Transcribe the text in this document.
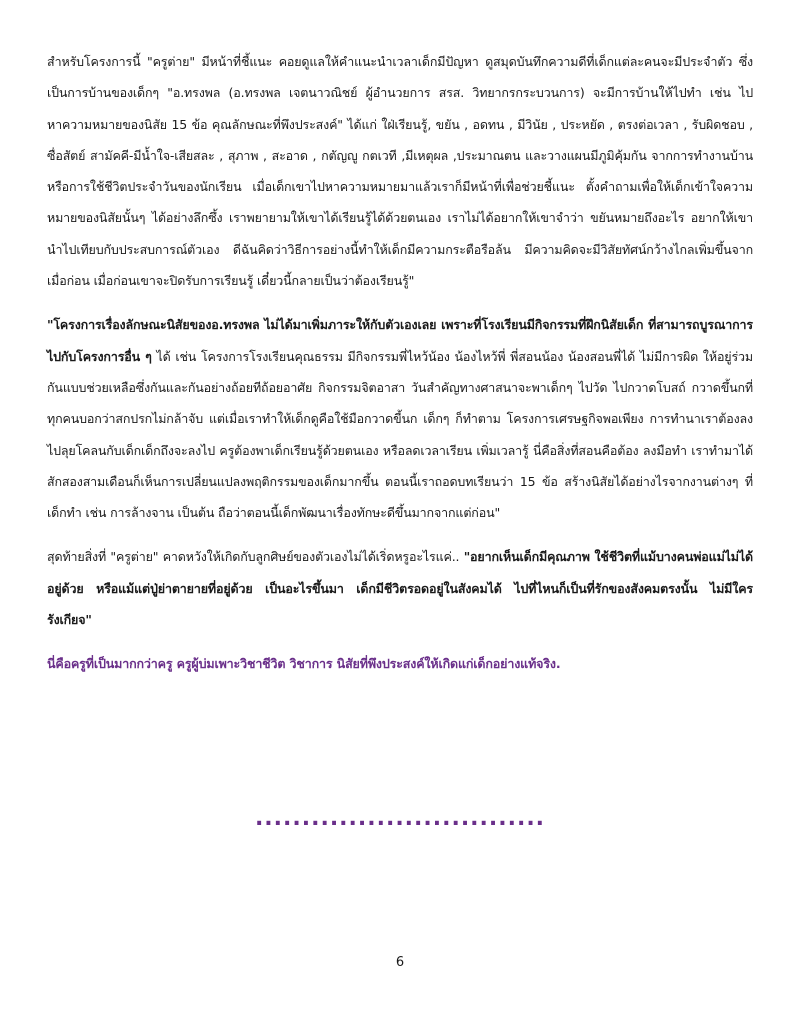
สำหรับโครงการนี้ "ครูต่าย" มีหน้าที่ชี้แนะ คอยดูแลให้คำแนะนำเวลาเด็กมีปัญหา ดูสมุดบันทึกความดีที่เด็กแต่ละคนจะมีประจำตัว ซึ่งเป็นการบ้านของเด็กๆ "อ.ทรงพล (อ.ทรงพล เจตนาวณิชย์ ผู้อำนวยการ สรส. วิทยากรกระบวนการ) จะมีการบ้านให้ไปทำ เช่น ไปหาความหมายของนิสัย 15 ข้อ คุณลักษณะที่พึงประสงค์" ได้แก่ ใฝ่เรียนรู้, ขยัน , อดทน , มีวินัย , ประหยัด , ตรงต่อเวลา , รับผิดชอบ , ซื่อสัตย์ สามัคคี-มีน้ำใจ-เสียสละ , สุภาพ , สะอาด , กตัญญู กตเวที ,มีเหตุผล ,ประมาณตน และวางแผนมีภูมิคุ้มกัน จากการทำงานบ้าน หรือการใช้ชีวิตประจำวันของนักเรียน เมื่อเด็กเขาไปหาความหมายมาแล้วเราก็มีหน้าที่เพื่อช่วยชี้แนะ ตั้งคำถามเพื่อให้เด็กเข้าใจความหมายของนิสัยนั้นๆ ได้อย่างลึกซึ้ง เราพยายามให้เขาได้เรียนรู้ได้ด้วยตนเอง เราไม่ได้อยากให้เขาจำว่า ขยันหมายถึงอะไร อยากให้เขานำไปเทียบกับประสบการณ์ตัวเอง ดีฉันคิดว่าวิธีการอย่างนี้ทำให้เด็กมีความกระตือรือล้น มีความคิดจะมีวิสัยทัศน์กว้างไกลเพิ่มขึ้นจากเมื่อก่อน เมื่อก่อนเขาจะปิดรับการเรียนรู้ เดี๋ยวนี้กลายเป็นว่าต้องเรียนรู้"

"โครงการเรื่องลักษณะนิสัยของอ.ทรงพล ไม่ได้มาเพิ่มภาระให้กับตัวเองเลย เพราะที่โรงเรียนมีกิจกรรมที่ฝึกนิสัยเด็ก ที่สามารถบูรณาการไปกับโครงการอื่น ๆ ได้ เช่น โครงการโรงเรียนคุณธรรม มีกิจกรรมพี่ไหว้น้อง น้องไหว้พี่ พี่สอนน้อง น้องสอนพี่ได้ ไม่มีการผิด ให้อยู่ร่วมกันแบบช่วยเหลือซึ่งกันและกันอย่างถ้อยทีถ้อยอาศัย กิจกรรมจิตอาสา วันสำคัญทางศาสนาจะพาเด็กๆ ไปวัด ไปกวาดโบสถ์ กวาดขึ้นกที่ทุกคนบอกว่าสกปรกไม่กล้าจับ แต่เมื่อเราทำให้เด็กดูคือใช้มือกวาดขี้นก เด็กๆ ก็ทำตาม โครงการเศรษฐกิจพอเพียง การทำนาเราต้องลงไปลุยโคลนกับเด็กเด็กถึงจะลงไป ครูต้องพาเด็กเรียนรู้ด้วยตนเอง หรือลดเวลาเรียน เพิ่มเวลารู้ นี่คือสิ่งที่สอนคือต้อง ลงมือทำ เราทำมาได้สักสองสามเดือนก็เห็นการเปลี่ยนแปลงพฤติกรรมของเด็กมากขึ้น ตอนนี้เราถอดบทเรียนว่า 15 ข้อ สร้างนิสัยได้อย่างไรจากงานต่างๆ ที่เด็กทำ เช่น การล้างจาน เป็นต้น ถือว่าตอนนี้เด็กพัฒนาเรื่องทักษะดีขึ้นมากจากแต่ก่อน"

สุดท้ายสิ่งที่ "ครูต่าย" คาดหวังให้เกิดกับลูกศิษย์ของตัวเองไม่ได้เริ่ดหรูอะไรแค่.. "อยากเห็นเด็กมีคุณภาพ ใช้ชีวิตที่แม้บางคนพ่อแม่ไม่ได้อยู่ด้วย หรือแม้แต่ปู่ย่าตายายที่อยู่ด้วย เป็นอะไรขึ้นมา เด็กมีชีวิตรอดอยู่ในสังคมได้ ไปที่ไหนก็เป็นที่รักของสังคมตรงนั้น ไม่มีใครรังเกียจ"

นี่คือครูที่เป็นมากกว่าครู ครูผู้บ่มเพาะวิชาชีวิต วิชาการ นิสัยที่พึงประสงค์ให้เกิดแก่เด็กอย่างแท้จริง.

...............................
6
